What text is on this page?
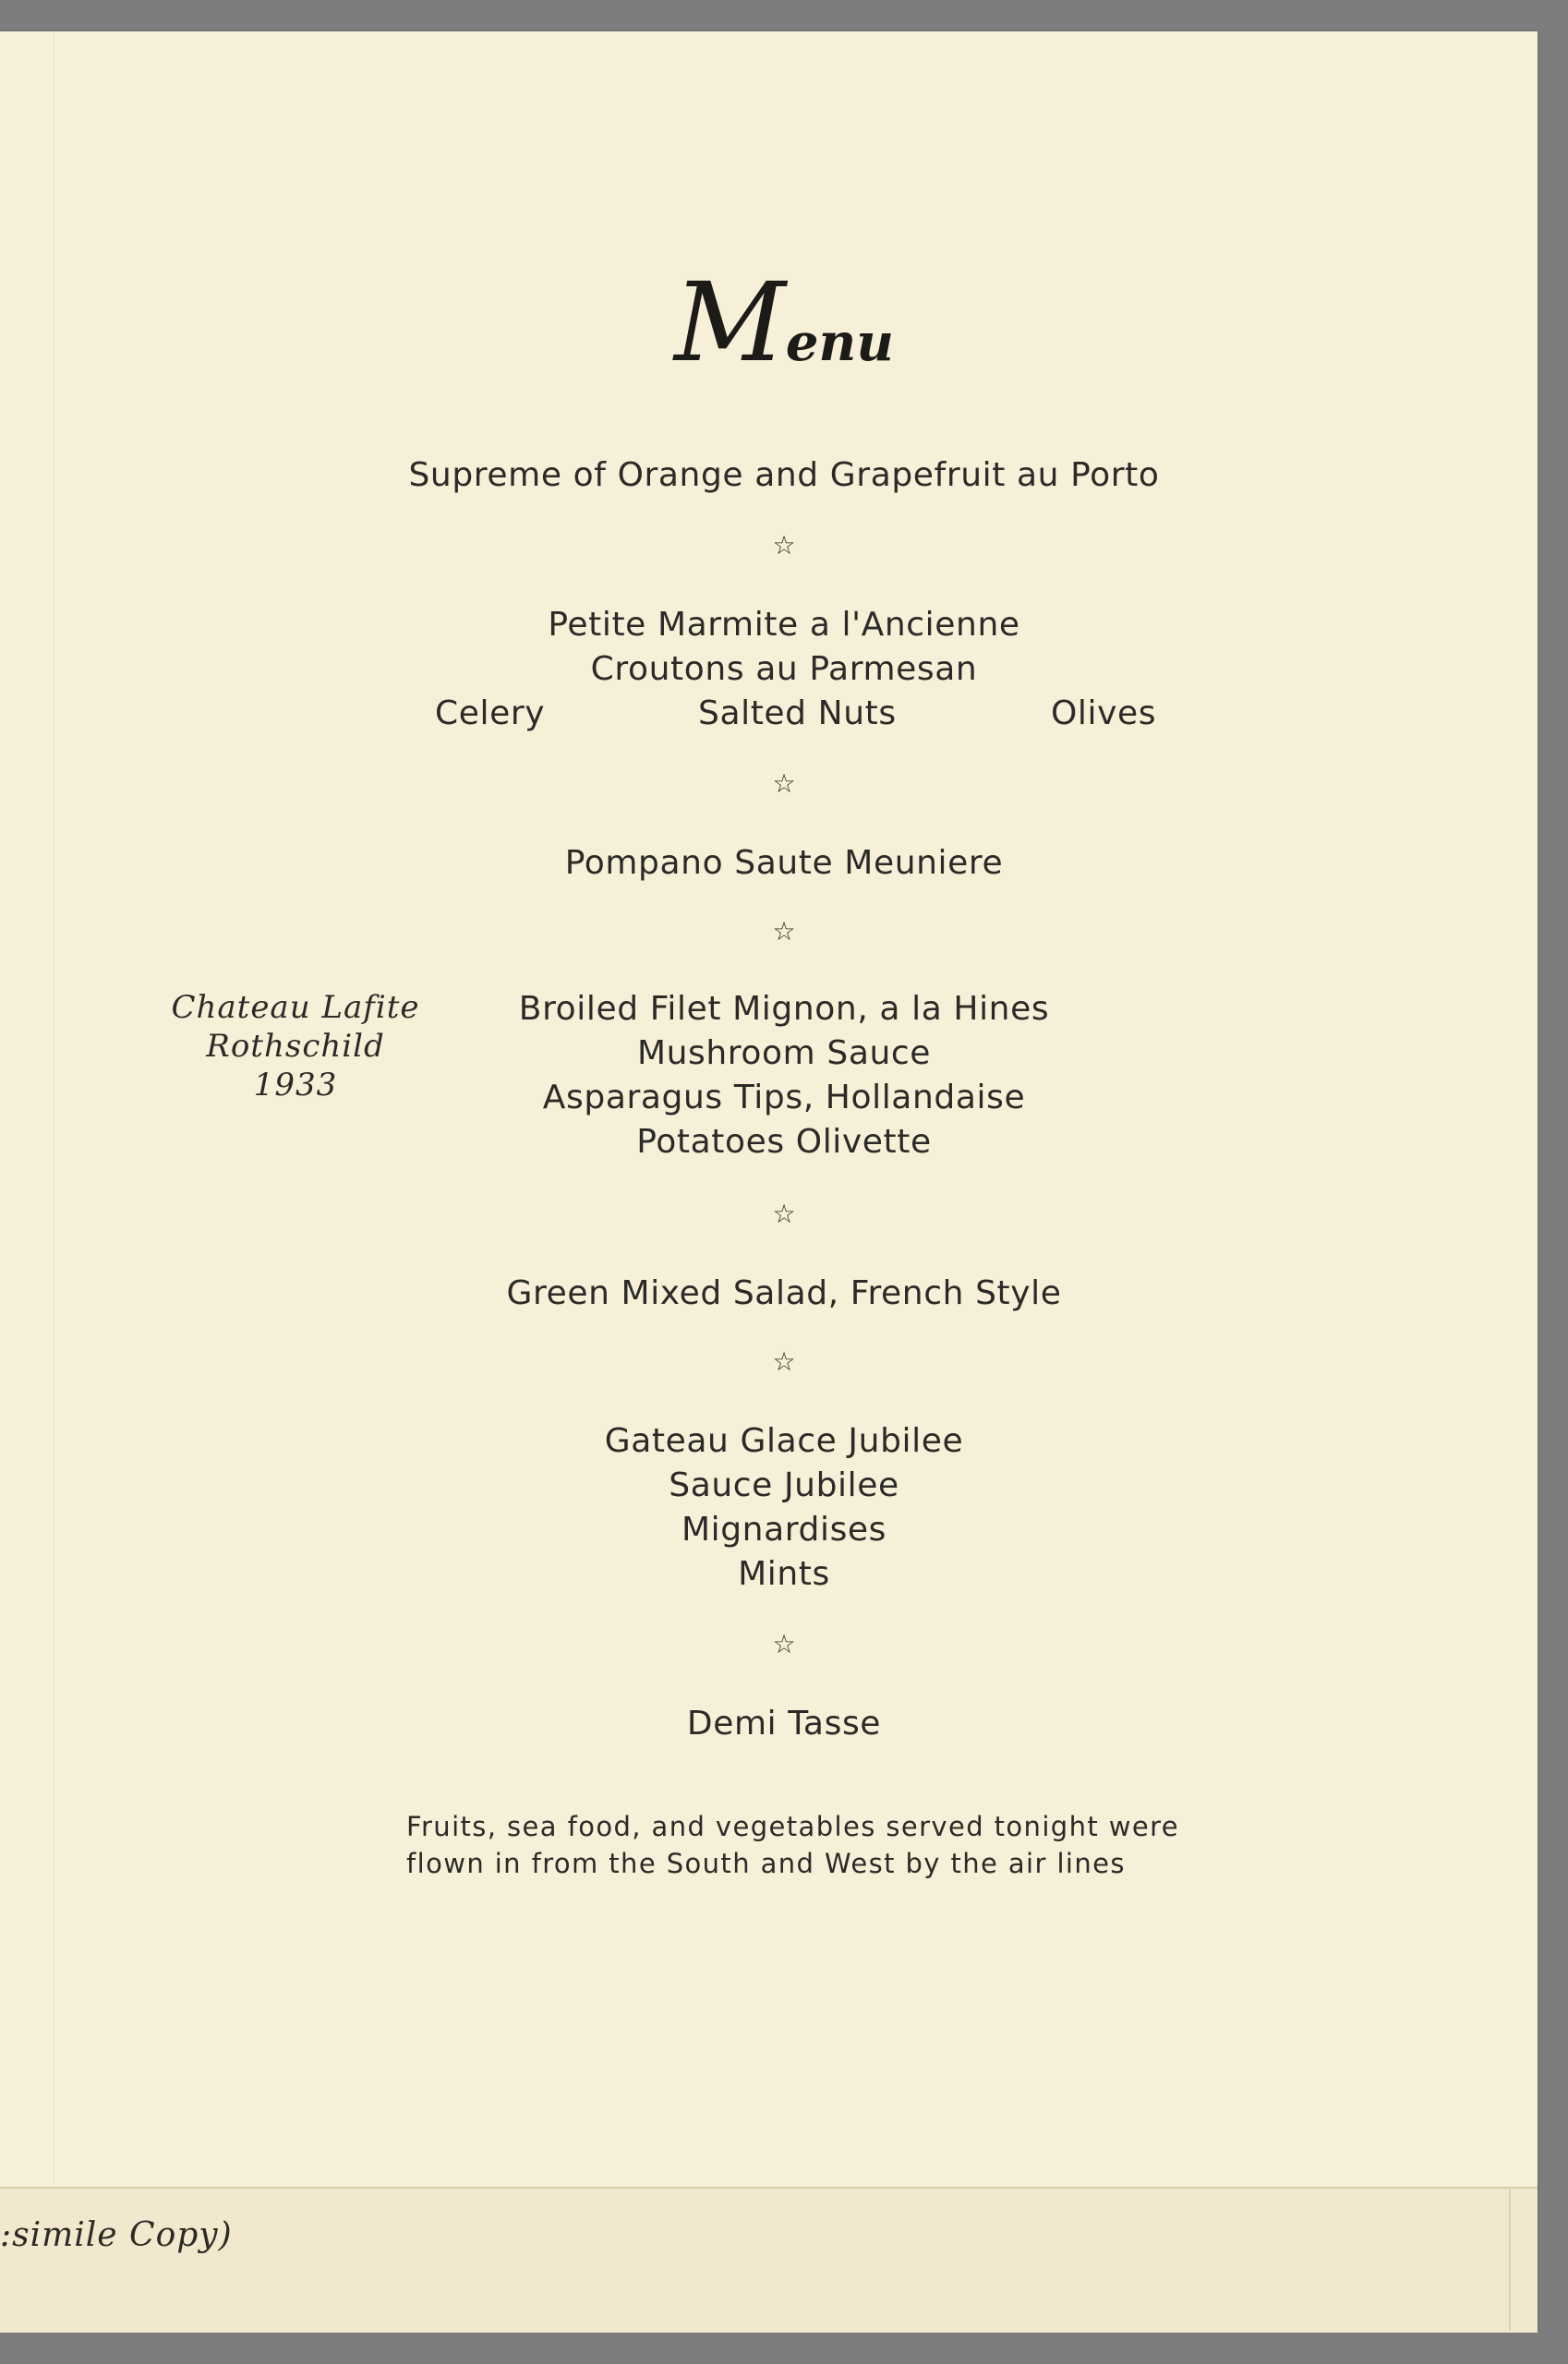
:simile Copy)
Menu
Supreme of Orange and Grapefruit au Porto
☆
Petite Marmite a l'Ancienne
Croutons au Parmesan
Celery	Salted Nuts	Olives
☆
Pompano Saute Meuniere
☆
Chateau Lafite
Rothschild
1933
Broiled Filet Mignon, a la Hines
Mushroom Sauce
Asparagus Tips, Hollandaise
Potatoes Olivette
☆
Green Mixed Salad, French Style
☆
Gateau Glace Jubilee
Sauce Jubilee
Mignardises
Mints
☆
Demi Tasse
Fruits, sea food, and vegetables served tonight were
flown in from the South and West by the air lines
